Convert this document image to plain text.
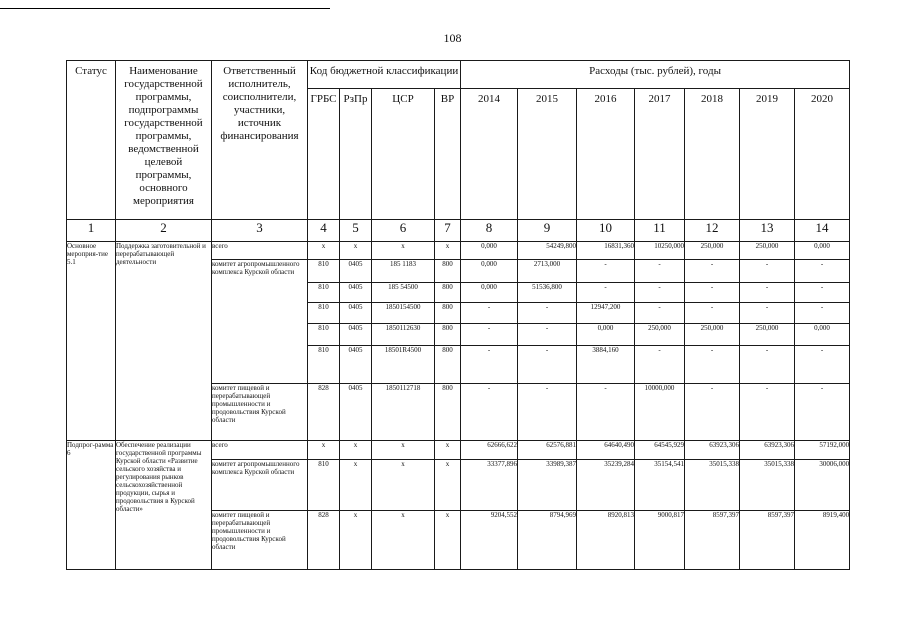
108
Статус	Наименование государственной программы, подпрограммы государственной программы, ведомственной целевой программы, основного мероприятия	Ответственный исполнитель, соисполнители, участники, источник финансирования	Код бюджетной классификации				Расходы (тыс. рублей), годы						
			ГРБС	РзПр	ЦСР	ВР	2014	2015	2016	2017	2018	2019	2020
1	2	3	4	5	6	7	8	9	10	11	12	13	14
Основное мероприя-тие 5.1	Поддержка заготовительной и перерабатывающей деятельности	всего	х	х	х	х	0,000	54249,800	16831,360	10250,000	250,000	250,000	0,000
		комитет агропромышленного комплекса Курской области	810	0405	185 1183	800	0,000	2713,000	-	-	-	-	-
			810	0405	185 54500	800	0,000	51536,800	-	-	-	-	-
			810	0405	1850154500	800	-	-	12947,200	-	-	-	-
			810	0405	1850112630	800	-	-	0,000	250,000	250,000	250,000	0,000
			810	0405	18501R4500	800	-	-	3884,160	-	-	-	-
		комитет пищевой и перерабатывающей промышленности и продовольствия Курской области	828	0405	1850112718	800	-	-	-	10000,000	-	-	-
Подпрог-рамма 6	Обеспечение реализации государственной программы Курской области «Развитие сельского хозяйства и регулирования рынков сельскохозяйственной продукции, сырья и продовольствия в Курской области»	всего	х	х	х	х	62666,622	62576,881	64640,490	64545,929	63923,306	63923,306	57192,000
		комитет агропромышленного комплекса Курской области	810	х	х	х	33377,896	33989,387	35239,284	35154,541	35015,338	35015,338	30006,000
		комитет пищевой и перерабатывающей промышленности и продовольствия Курской области	828	х	х	х	9204,552	8794,969	8920,813	9000,817	8597,397	8597,397	8919,400
